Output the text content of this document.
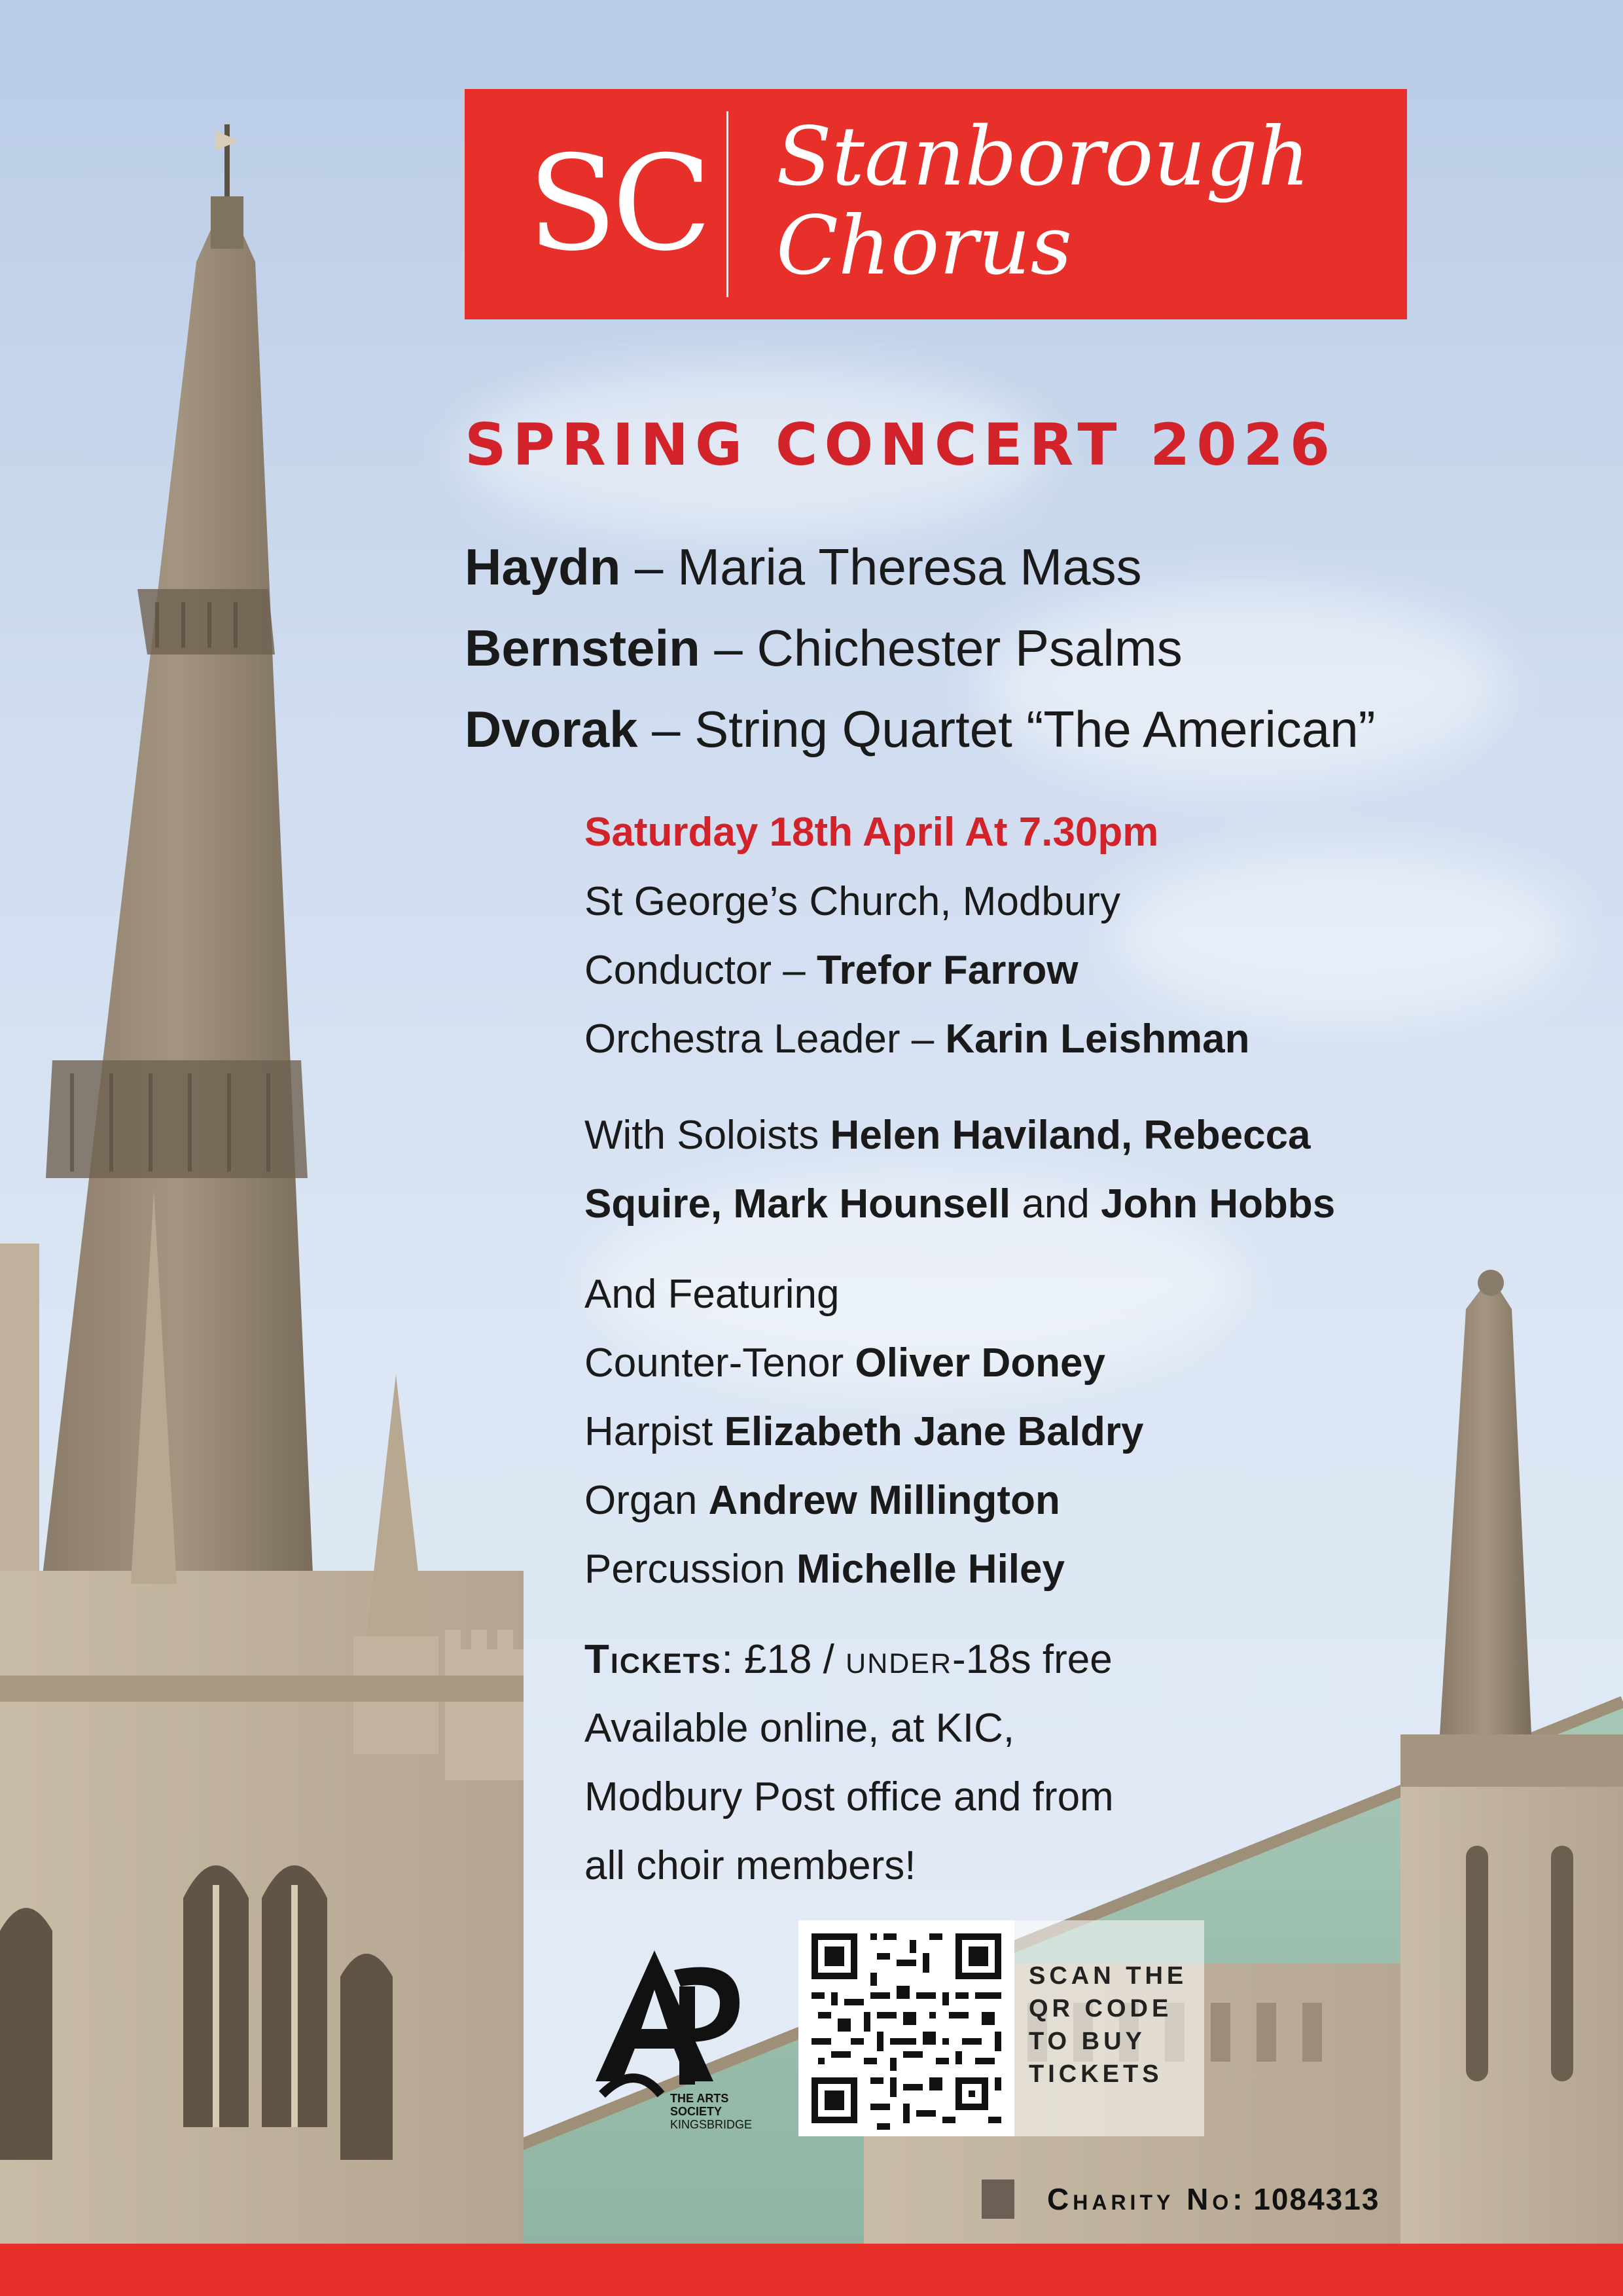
SC Stanborough
Chorus
SPRING CONCERT 2026
Haydn – Maria Theresa Mass
Bernstein – Chichester Psalms
Dvorak – String Quartet “The American”
Saturday 18th April At 7.30pm
St George’s Church, Modbury
Conductor – Trefor Farrow
Orchestra Leader – Karin Leishman
With Soloists Helen Haviland, Rebecca
Squire, Mark Hounsell and John Hobbs
And Featuring
Counter-Tenor Oliver Doney
Harpist Elizabeth Jane Baldry
Organ Andrew Millington
Percussion Michelle Hiley
Tickets: £18 / under-18s free
Available online, at KIC,
Modbury Post office and from
all choir members!
THE ARTS
SOCIETY
KINGSBRIDGE
SCAN THE
QR CODE
TO BUY
TICKETS
Charity No: 1084313
